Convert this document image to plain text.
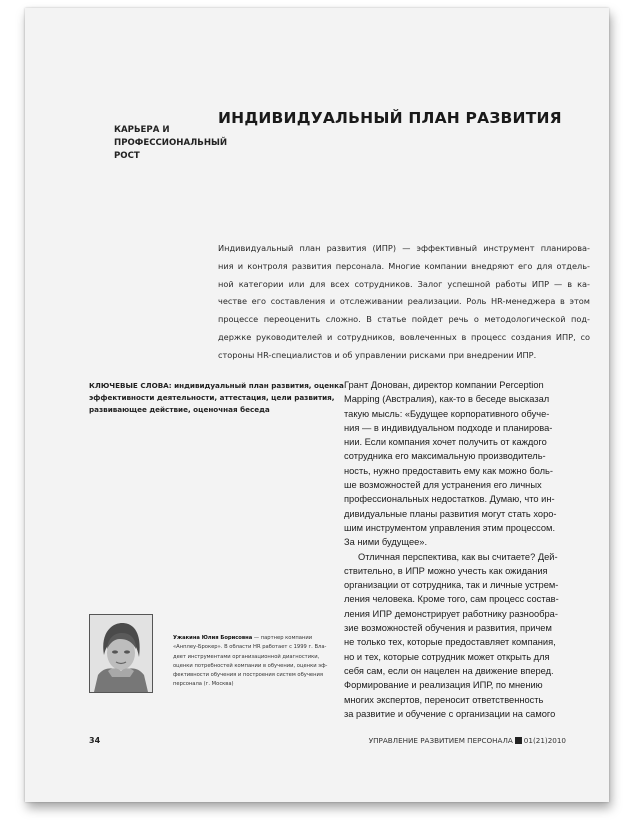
КАРЬЕРА И
ПРОФЕССИОНАЛЬНЫЙ
РОСТ
ИНДИВИДУАЛЬНЫЙ ПЛАН РАЗВИТИЯ
Индивидуальный план развития (ИПР) — эффективный инструмент планирова-
ния и контроля развития персонала. Многие компании внедряют его для отдель-
ной категории или для всех сотрудников. Залог успешной работы ИПР — в ка-
честве его составления и отслеживании реализации. Роль HR-менеджера в этом
процессе переоценить сложно. В статье пойдет речь о методологической под-
держке руководителей и сотрудников, вовлеченных в процесс создания ИПР, со
стороны HR-специалистов и об управлении рисками при внедрении ИПР.
КЛЮЧЕВЫЕ СЛОВА: индивидуальный план развития, оценка
эффективности деятельности, аттестация, цели развития,
развивающее действие, оценочная беседа
Грант Донован, директор компании Perception
Mapping (Австралия), как-то в беседе высказал
такую мысль: «Будущее корпоративного обуче-
ния — в индивидуальном подходе и планирова-
нии. Если компания хочет получить от каждого
сотрудника его максимальную производитель-
ность, нужно предоставить ему как можно боль-
ше возможностей для устранения его личных
профессиональных недостатков. Думаю, что ин-
дивидуальные планы развития могут стать хоро-
шим инструментом управления этим процессом.
За ними будущее».
Отличная перспектива, как вы считаете? Дей-
ствительно, в ИПР можно учесть как ожидания
организации от сотрудника, так и личные устрем-
ления человека. Кроме того, сам процесс состав-
ления ИПР демонстрирует работнику разнообра-
зие возможностей обучения и развития, причем
не только тех, которые предоставляет компания,
но и тех, которые сотрудник может открыть для
себя сам, если он нацелен на движение вперед.
Формирование и реализация ИПР, по мнению
многих экспертов, переносит ответственность
за развитие и обучение с организации на самого
Ужакина Юлия Борисовна — партнер компании
«Анплеу-Брокер». В области HR работает с 1999 г. Вла-
деет инструментами организационной диагностики,
оценки потребностей компании в обучении, оценки эф-
фективности обучения и построения систем обучения
персонала (г. Москва)
34	УПРАВЛЕНИЕ РАЗВИТИЕМ ПЕРСОНАЛА 01(21)2010
